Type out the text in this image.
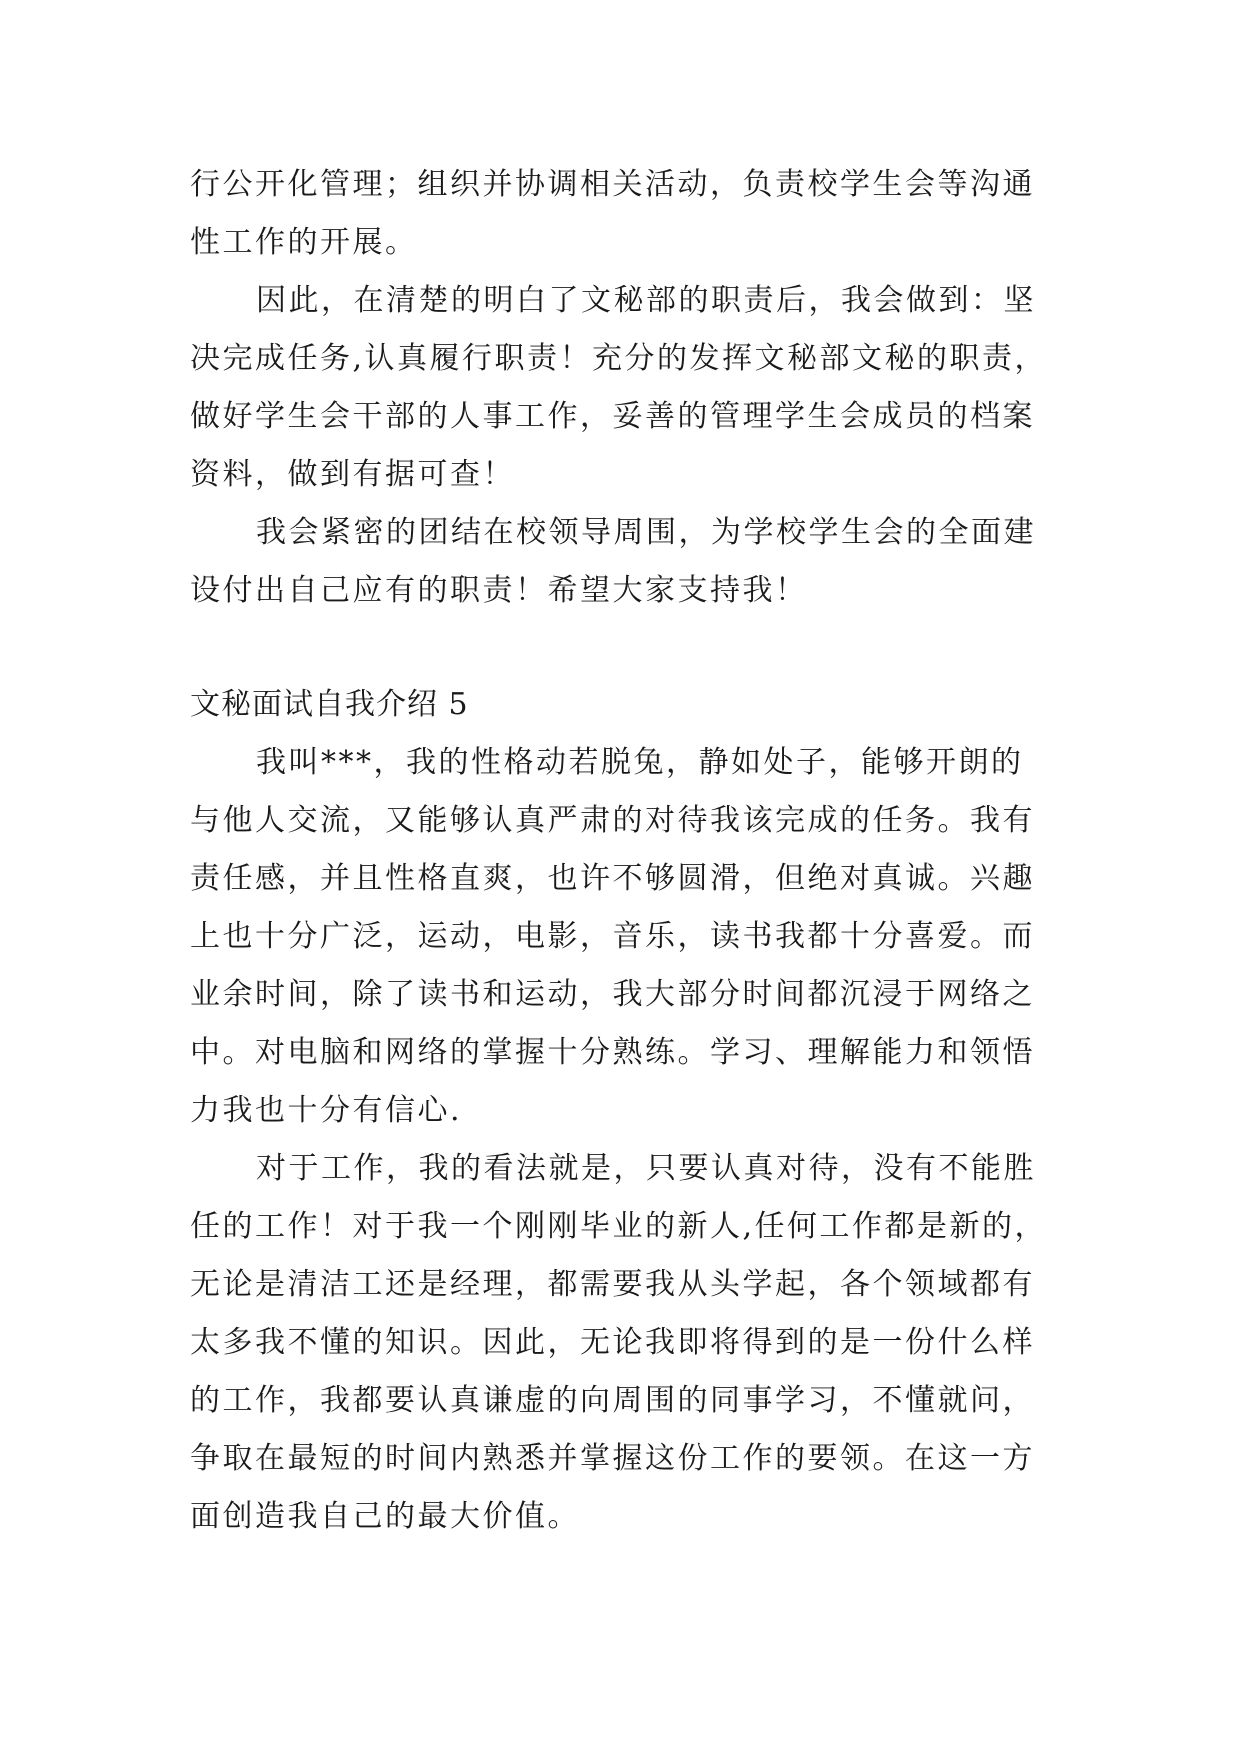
行公开化管理；组织并协调相关活动，负责校学生会等沟通
性工作的开展。
因此，在清楚的明白了文秘部的职责后，我会做到：坚
决完成任务,认真履行职责！充分的发挥文秘部文秘的职责，
做好学生会干部的人事工作，妥善的管理学生会成员的档案
资料，做到有据可查！
我会紧密的团结在校领导周围，为学校学生会的全面建
设付出自己应有的职责！希望大家支持我！
文秘面试自我介绍 5
我叫***，我的性格动若脱兔，静如处子，能够开朗的
与他人交流，又能够认真严肃的对待我该完成的任务。我有
责任感，并且性格直爽，也许不够圆滑，但绝对真诚。兴趣
上也十分广泛，运动，电影，音乐，读书我都十分喜爱。而
业余时间，除了读书和运动，我大部分时间都沉浸于网络之
中。对电脑和网络的掌握十分熟练。学习、理解能力和领悟
力我也十分有信心.
对于工作，我的看法就是，只要认真对待，没有不能胜
任的工作！对于我一个刚刚毕业的新人,任何工作都是新的，
无论是清洁工还是经理，都需要我从头学起，各个领域都有
太多我不懂的知识。因此，无论我即将得到的是一份什么样
的工作，我都要认真谦虚的向周围的同事学习，不懂就问，
争取在最短的时间内熟悉并掌握这份工作的要领。在这一方
面创造我自己的最大价值。
